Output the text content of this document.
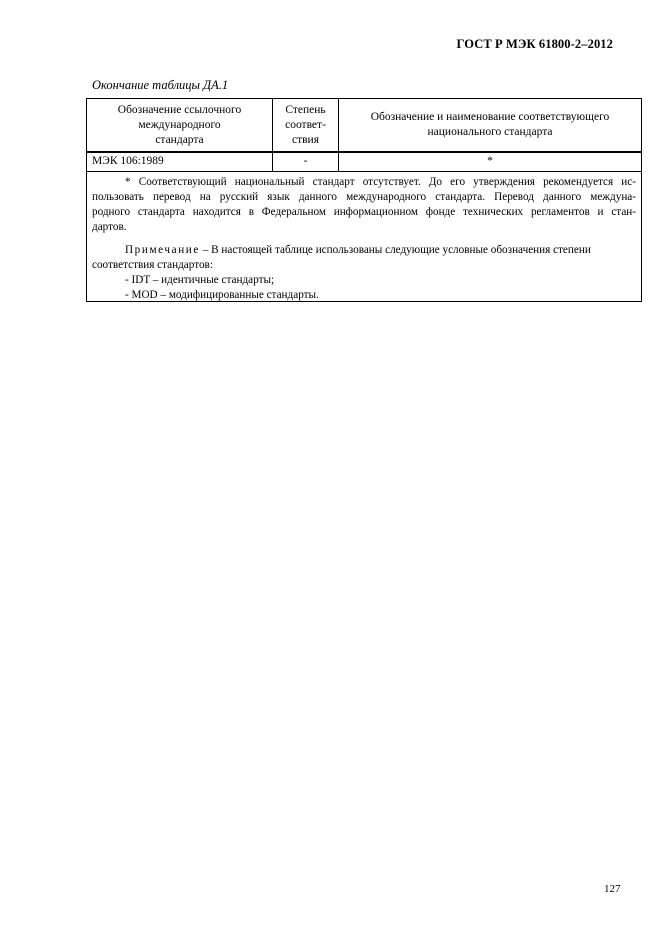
ГОСТ Р МЭК 61800-2–2012
Окончание таблицы ДА.1
Обозначение ссылочного
международного
стандарта
Степень
соответ-
ствия
Обозначение и наименование соответствующего
национального стандарта
МЭК 106:1989	-	*
* Соответствующий национальный стандарт отсутствует. До его утверждения рекомендуется ис-
пользовать перевод на русский язык данного международного стандарта. Перевод данного междуна-
родного стандарта находится в Федеральном информационном фонде технических регламентов и стан-
дартов.
Примечание – В настоящей таблице использованы следующие условные обозначения степени
соответствия стандартов:
- IDT – идентичные стандарты;
- MOD – модифицированные стандарты.
127
